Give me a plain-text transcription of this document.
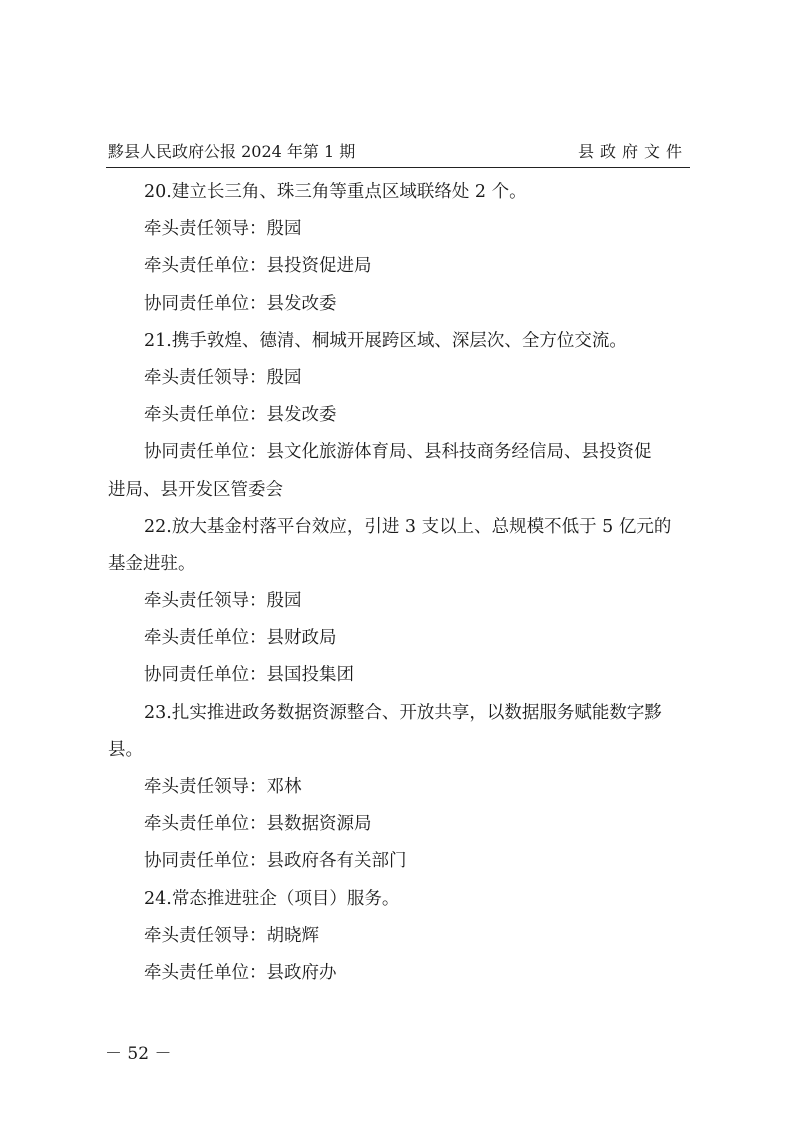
黟县人民政府公报 2024 年第 1 期	县政府文件
20.建立长三角、珠三角等重点区域联络处 2 个。
牵头责任领导：殷园
牵头责任单位：县投资促进局
协同责任单位：县发改委
21.携手敦煌、德清、桐城开展跨区域、深层次、全方位交流。
牵头责任领导：殷园
牵头责任单位：县发改委
协同责任单位：县文化旅游体育局、县科技商务经信局、县投资促
进局、县开发区管委会
22.放大基金村落平台效应，引进 3 支以上、总规模不低于 5 亿元的
基金进驻。
牵头责任领导：殷园
牵头责任单位：县财政局
协同责任单位：县国投集团
23.扎实推进政务数据资源整合、开放共享，以数据服务赋能数字黟
县。
牵头责任领导：邓林
牵头责任单位：县数据资源局
协同责任单位：县政府各有关部门
24.常态推进驻企（项目）服务。
牵头责任领导：胡晓辉
牵头责任单位：县政府办
－ 52 －
